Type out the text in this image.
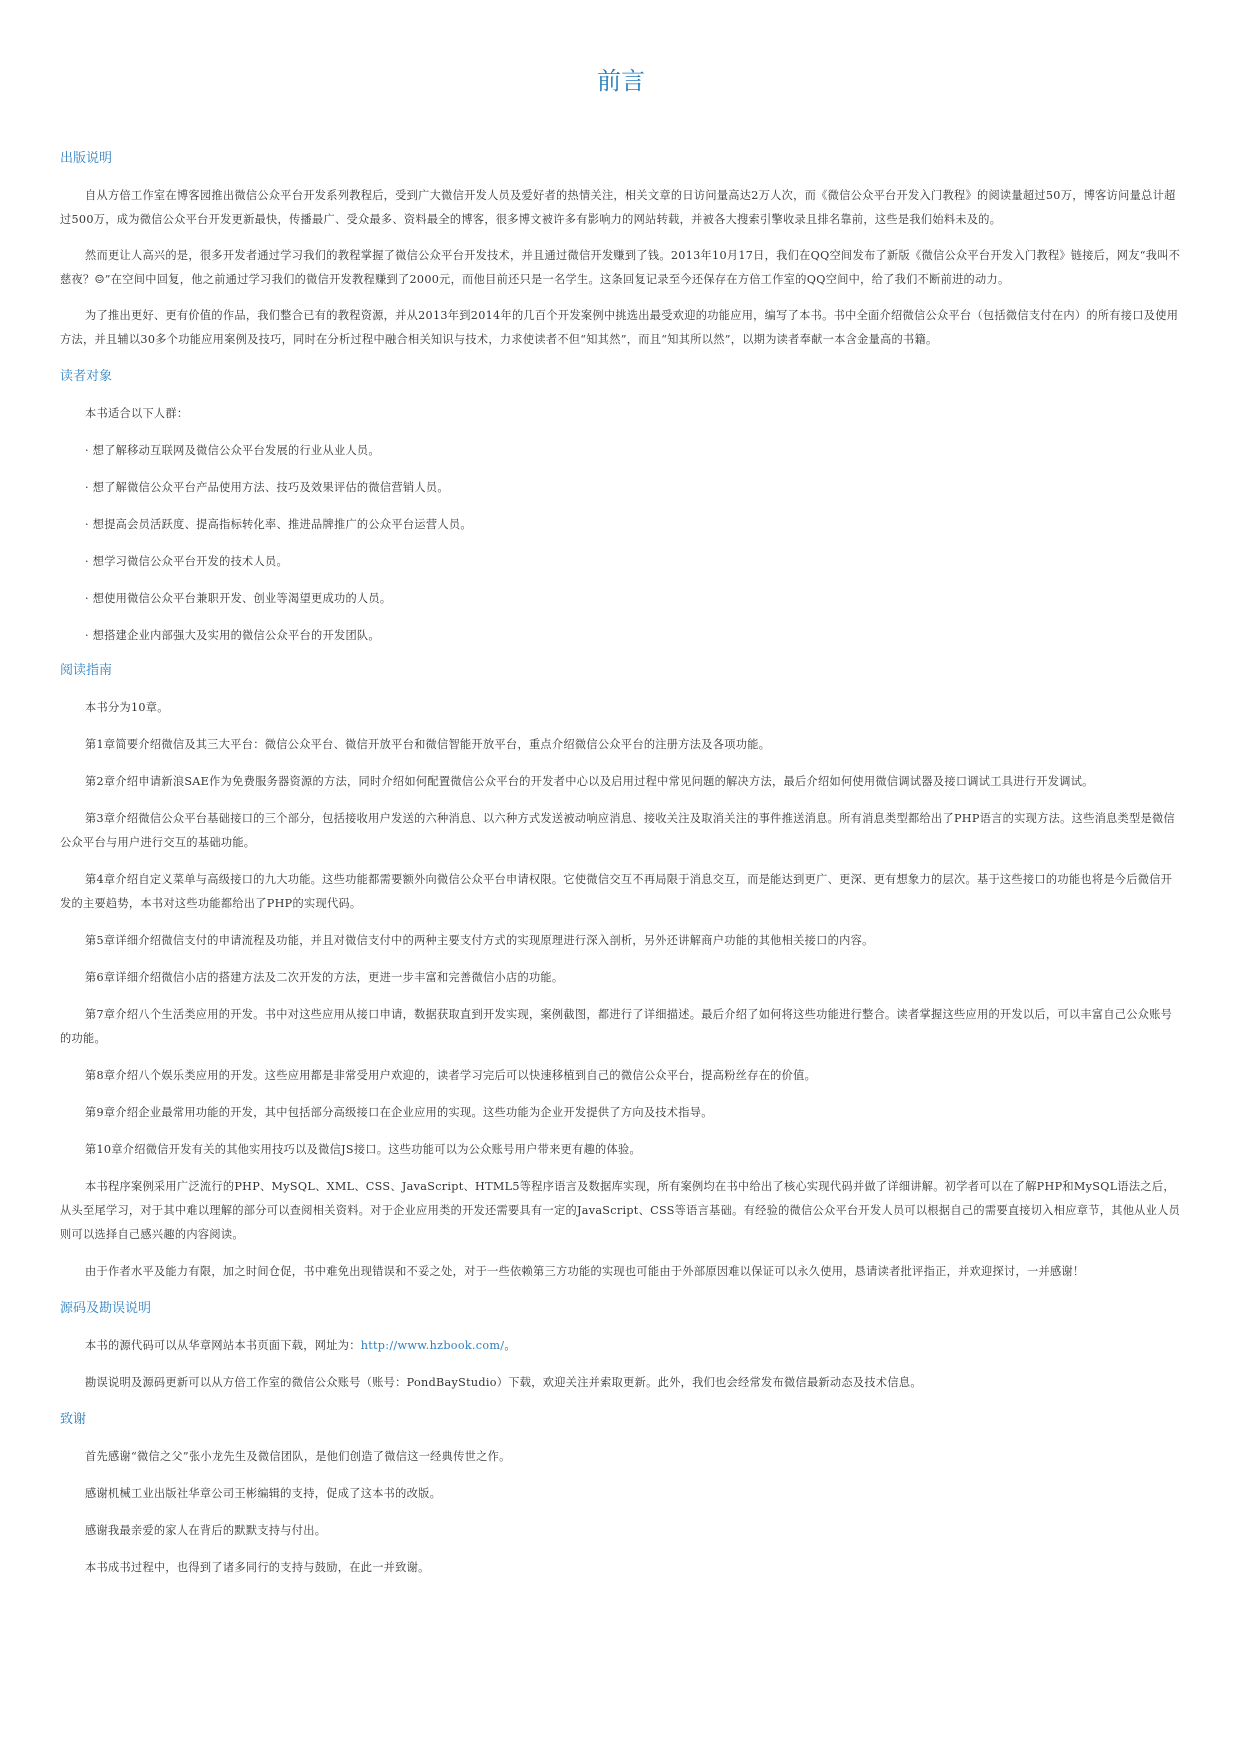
前言
出版说明

自从方倍工作室在博客园推出微信公众平台开发系列教程后，受到广大微信开发人员及爱好者的热情关注，相关文章的日访问量高达2万人次，而《微信公众平台开发入门教程》的阅读量超过50万，博客访问量总计超过500万，成为微信公众平台开发更新最快，传播最广、受众最多、资料最全的博客，很多博文被许多有影响力的网站转载，并被各大搜索引擎收录且排名靠前，这些是我们始料未及的。

然而更让人高兴的是，很多开发者通过学习我们的教程掌握了微信公众平台开发技术，并且通过微信开发赚到了钱。2013年10月17日，我们在QQ空间发布了新版《微信公众平台开发入门教程》链接后，网友“我叫不慈夜？☺”在空间中回复，他之前通过学习我们的微信开发教程赚到了2000元，而他目前还只是一名学生。这条回复记录至今还保存在方倍工作室的QQ空间中，给了我们不断前进的动力。

为了推出更好、更有价值的作品，我们整合已有的教程资源，并从2013年到2014年的几百个开发案例中挑选出最受欢迎的功能应用，编写了本书。书中全面介绍微信公众平台（包括微信支付在内）的所有接口及使用方法，并且辅以30多个功能应用案例及技巧，同时在分析过程中融合相关知识与技术，力求使读者不但“知其然”，而且“知其所以然”，以期为读者奉献一本含金量高的书籍。

读者对象

本书适合以下人群：

· 想了解移动互联网及微信公众平台发展的行业从业人员。

· 想了解微信公众平台产品使用方法、技巧及效果评估的微信营销人员。

· 想提高会员活跃度、提高指标转化率、推进品牌推广的公众平台运营人员。

· 想学习微信公众平台开发的技术人员。

· 想使用微信公众平台兼职开发、创业等渴望更成功的人员。

· 想搭建企业内部强大及实用的微信公众平台的开发团队。

阅读指南

本书分为10章。

第1章简要介绍微信及其三大平台：微信公众平台、微信开放平台和微信智能开放平台，重点介绍微信公众平台的注册方法及各项功能。

第2章介绍申请新浪SAE作为免费服务器资源的方法，同时介绍如何配置微信公众平台的开发者中心以及启用过程中常见问题的解决方法，最后介绍如何使用微信调试器及接口调试工具进行开发调试。

第3章介绍微信公众平台基础接口的三个部分，包括接收用户发送的六种消息、以六种方式发送被动响应消息、接收关注及取消关注的事件推送消息。所有消息类型都给出了PHP语言的实现方法。这些消息类型是微信公众平台与用户进行交互的基础功能。

第4章介绍自定义菜单与高级接口的九大功能。这些功能都需要额外向微信公众平台申请权限。它使微信交互不再局限于消息交互，而是能达到更广、更深、更有想象力的层次。基于这些接口的功能也将是今后微信开发的主要趋势，本书对这些功能都给出了PHP的实现代码。

第5章详细介绍微信支付的申请流程及功能，并且对微信支付中的两种主要支付方式的实现原理进行深入剖析，另外还讲解商户功能的其他相关接口的内容。

第6章详细介绍微信小店的搭建方法及二次开发的方法，更进一步丰富和完善微信小店的功能。

第7章介绍八个生活类应用的开发。书中对这些应用从接口申请，数据获取直到开发实现，案例截图，都进行了详细描述。最后介绍了如何将这些功能进行整合。读者掌握这些应用的开发以后，可以丰富自己公众账号的功能。

第8章介绍八个娱乐类应用的开发。这些应用都是非常受用户欢迎的，读者学习完后可以快速移植到自己的微信公众平台，提高粉丝存在的价值。

第9章介绍企业最常用功能的开发，其中包括部分高级接口在企业应用的实现。这些功能为企业开发提供了方向及技术指导。

第10章介绍微信开发有关的其他实用技巧以及微信JS接口。这些功能可以为公众账号用户带来更有趣的体验。

本书程序案例采用广泛流行的PHP、MySQL、XML、CSS、JavaScript、HTML5等程序语言及数据库实现，所有案例均在书中给出了核心实现代码并做了详细讲解。初学者可以在了解PHP和MySQL语法之后，从头至尾学习，对于其中难以理解的部分可以查阅相关资料。对于企业应用类的开发还需要具有一定的JavaScript、CSS等语言基础。有经验的微信公众平台开发人员可以根据自己的需要直接切入相应章节，其他从业人员则可以选择自己感兴趣的内容阅读。

由于作者水平及能力有限，加之时间仓促，书中难免出现错误和不妥之处，对于一些依赖第三方功能的实现也可能由于外部原因难以保证可以永久使用，恳请读者批评指正，并欢迎探讨，一并感谢！

源码及勘误说明

本书的源代码可以从华章网站本书页面下载，网址为：http://www.hzbook.com/。

勘误说明及源码更新可以从方倍工作室的微信公众账号（账号：PondBayStudio）下载，欢迎关注并索取更新。此外，我们也会经常发布微信最新动态及技术信息。

致谢

首先感谢“微信之父”张小龙先生及微信团队，是他们创造了微信这一经典传世之作。

感谢机械工业出版社华章公司王彬编辑的支持，促成了这本书的改版。

感谢我最亲爱的家人在背后的默默支持与付出。

本书成书过程中，也得到了诸多同行的支持与鼓励，在此一并致谢。
